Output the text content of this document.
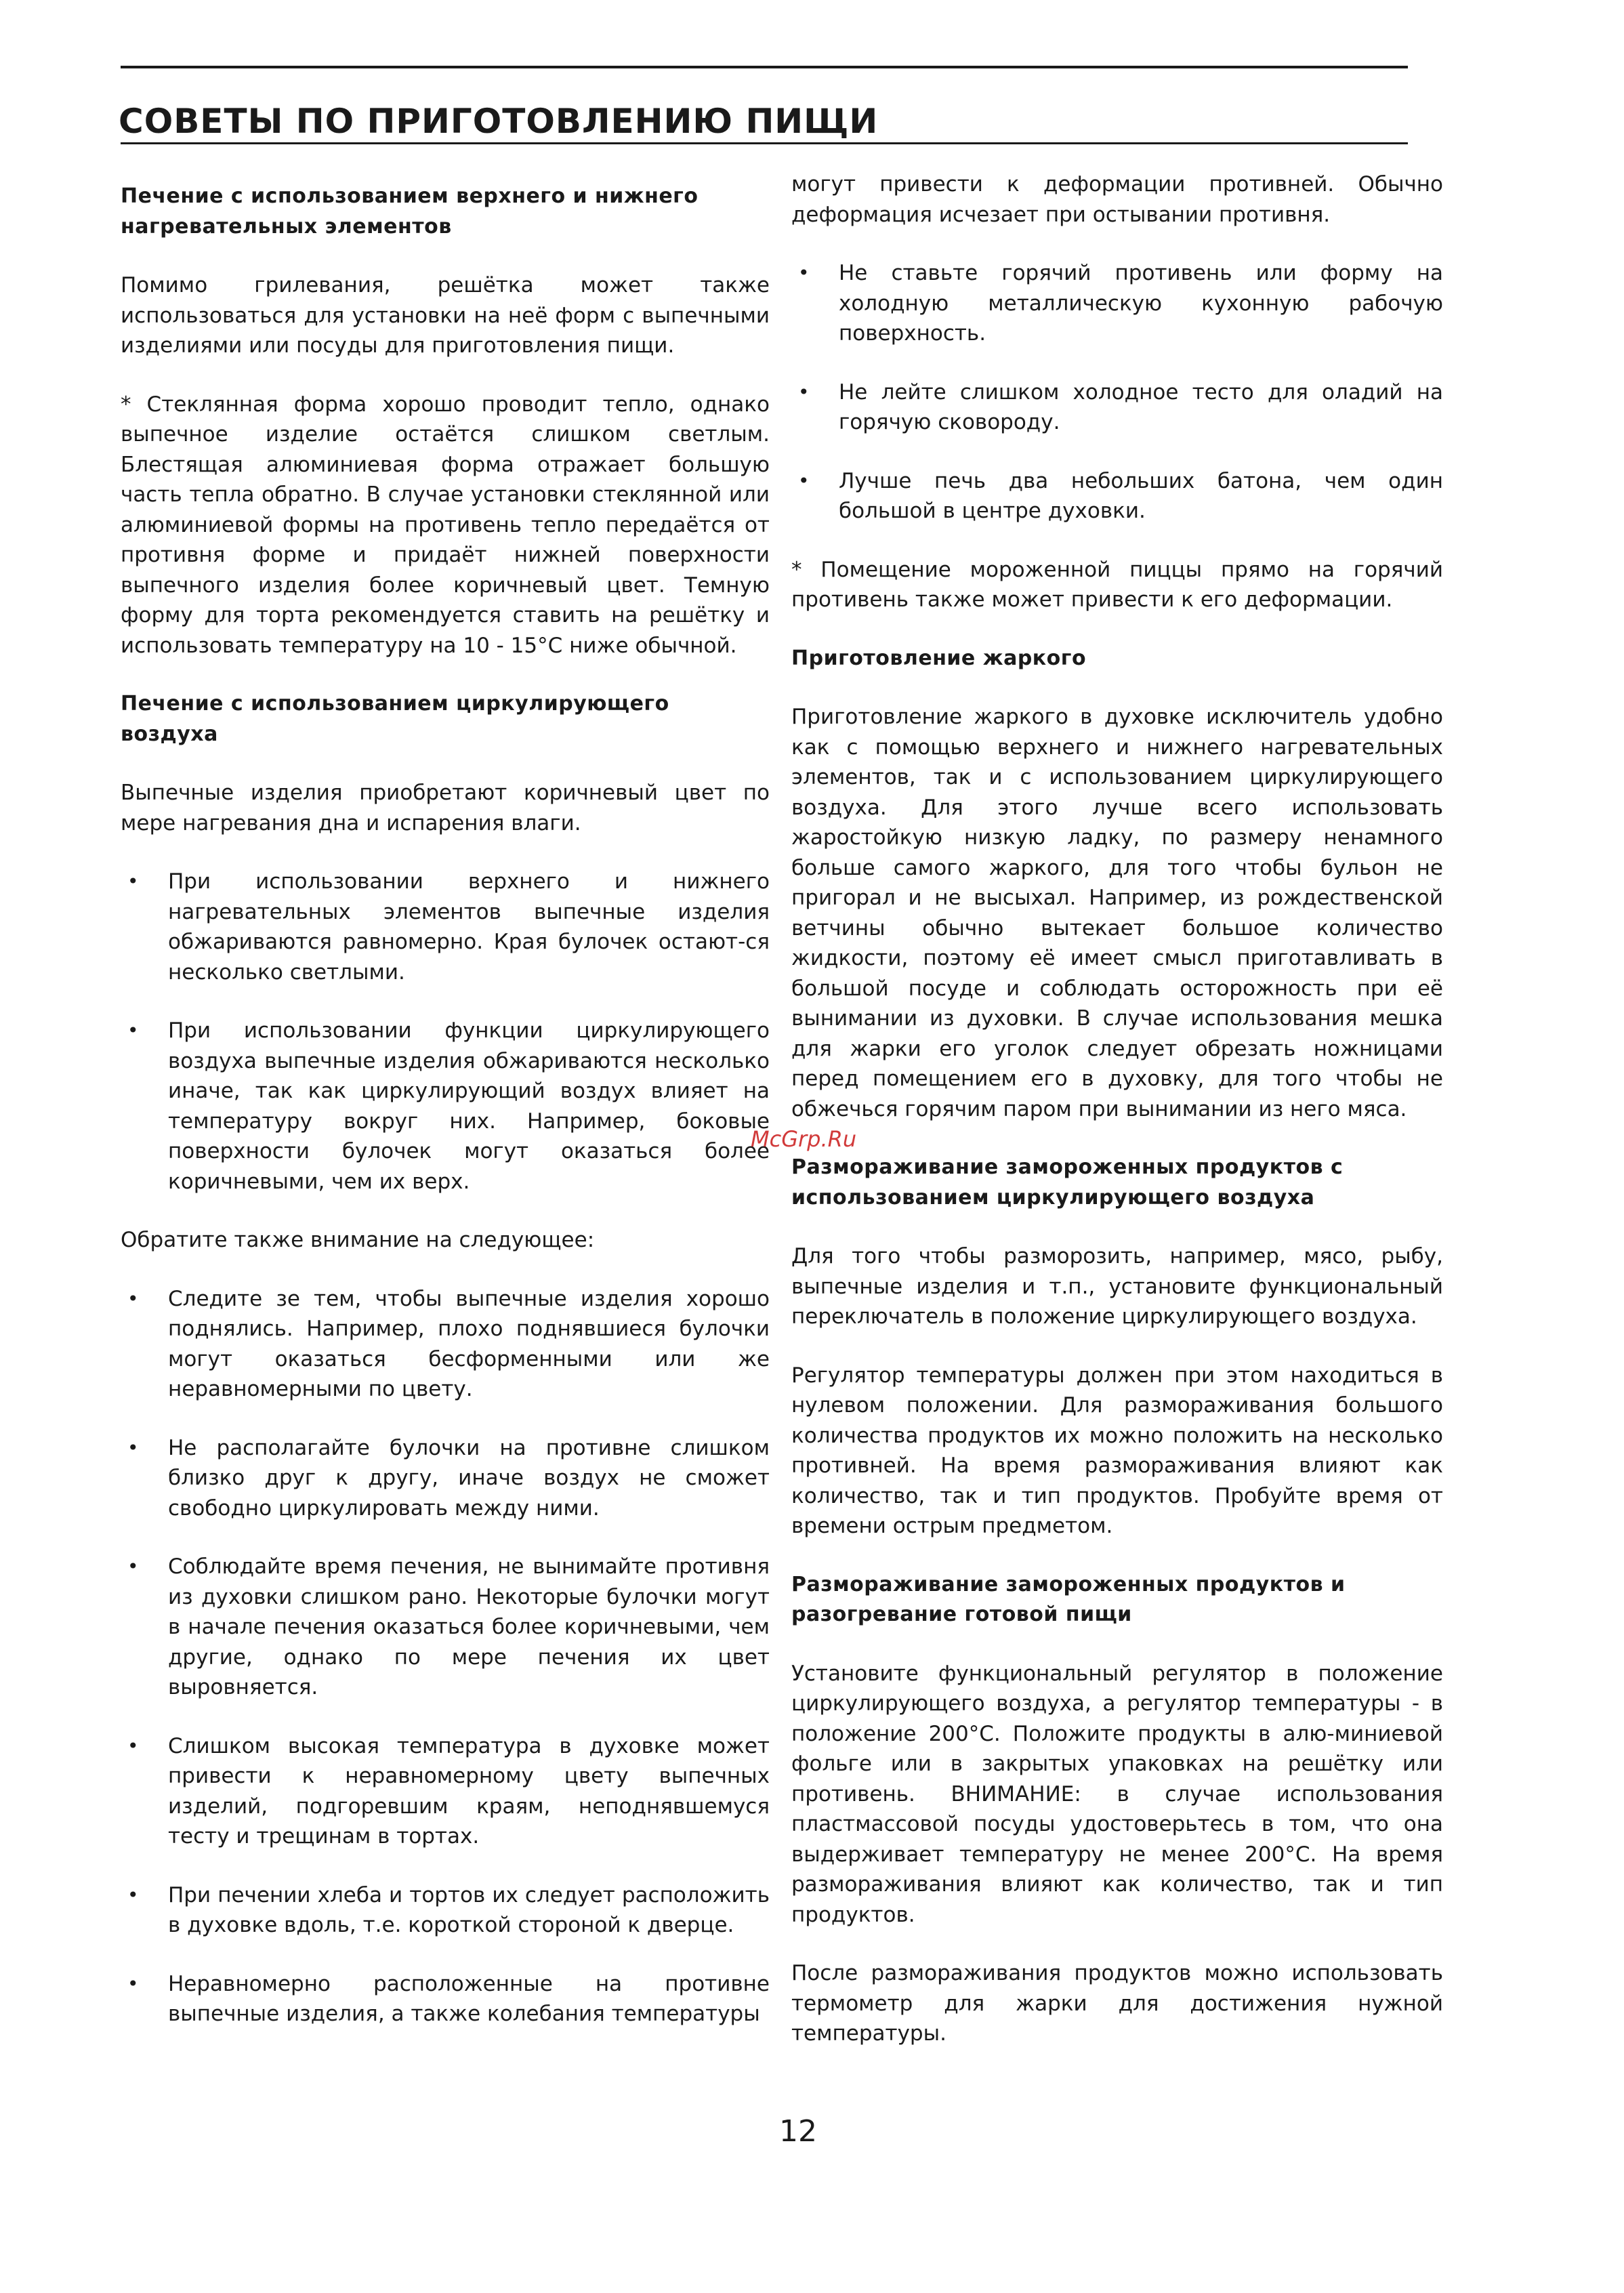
СОВЕТЫ ПО ПРИГОТОВЛЕНИЮ ПИЩИ
Печение с использованием верхнего и нижнего нагревательных элементов

Помимо грилевания, решётка может также использоваться для установки на неё форм с выпечными изделиями или посуды для приготовления пищи.

* Стеклянная форма хорошо проводит тепло, однако выпечное изделие остаётся слишком светлым. Блестящая алюминиевая форма отражает большую часть тепла обратно. В случае установки стеклянной или алюминиевой формы на противень тепло передаётся от противня форме и придаёт нижней поверхности выпечного изделия более коричневый цвет. Темную форму для торта рекомендуется ставить на решётку и использовать температуру на 10 - 15°C ниже обычной.

Печение с использованием циркулирующего воздуха

Выпечные изделия приобретают коричневый цвет по мере нагревания дна и испарения влаги.

• При использовании верхнего и нижнего нагревательных элементов выпечные изделия обжариваются равномерно. Края булочек остают-ся несколько светлыми.
• При использовании функции циркулирующего воздуха выпечные изделия обжариваются несколько иначе, так как циркулирующий воздух влияет на температуру вокруг них. Например, боковые поверхности булочек могут оказаться более коричневыми, чем их верх.

Обратите также внимание на следующее:

• Следите зе тем, чтобы выпечные изделия хорошо поднялись. Например, плохо поднявшиеся булочки могут оказаться бесформенными или же неравномерными по цвету.
• Не располагайте булочки на противне слишком близко друг к другу, иначе воздух не сможет свободно циркулировать между ними.
• Соблюдайте время печения, не вынимайте противня из духовки слишком рано. Некоторые булочки могут в начале печения оказаться более коричневыми, чем другие, однако по мере печения их цвет выровняется.
• Слишком высокая температура в духовке может привести к неравномерному цвету выпечных изделий, подгоревшим краям, неподнявшемуся тесту и трещинам в тортах.
• При печении хлеба и тортов их следует расположить в духовке вдоль, т.е. короткой стороной к дверце.
• Неравномерно расположенные на противне выпечные изделия, а также колебания температуры

могут привести к деформации противней. Обычно деформация исчезает при остывании противня.

• Не ставьте горячий противень или форму на холодную металлическую кухонную рабочую поверхность.
• Не лейте слишком холодное тесто для оладий на горячую сковороду.
• Лучше печь два небольших батона, чем один большой в центре духовки.

* Помещение мороженной пиццы прямо на горячий противень также может привести к его деформации.

Приготовление жаркого

Приготовление жаркого в духовке исключитель удобно как с помощью верхнего и нижнего нагревательных элементов, так и с использованием циркулирующего воздуха. Для этого лучше всего использовать жаростойкую низкую ладку, по размеру ненамного больше самого жаркого, для того чтобы бульон не пригорал и не высыхал. Например, из рождественской ветчины обычно вытекает большое количество жидкости, поэтому её имеет смысл приготавливать в большой посуде и соблюдать осторожность при её вынимании из духовки. В случае использования мешка для жарки его уголок следует обрезать ножницами перед помещением его в духовку, для того чтобы не обжечься горячим паром при вынимании из него мяса.

Размораживание замороженных продуктов с использованием циркулирующего воздуха

Для того чтобы разморозить, например, мясо, рыбу, выпечные изделия и т.п., установите функциональный переключатель в положение циркулирующего воздуха.

Регулятор температуры должен при этом находиться в нулевом положении. Для размораживания большого количества продуктов их можно положить на несколько противней. На время размораживания влияют как количество, так и тип продуктов. Пробуйте время от времени острым предметом.

Размораживание замороженных продуктов и разогревание готовой пищи

Установите функциональный регулятор в положение циркулирующего воздуха, а регулятор температуры - в положение 200°C. Положите продукты в алю-миниевой фольге или в закрытых упаковках на решётку или противень. ВНИМАНИЕ: в случае использования пластмассовой посуды удостоверьтесь в том, что она выдерживает температуру не менее 200°C. На время размораживания влияют как количество, так и тип продуктов.

После размораживания продуктов можно использовать термометр для жарки для достижения нужной температуры.

McGrp.Ru
12
